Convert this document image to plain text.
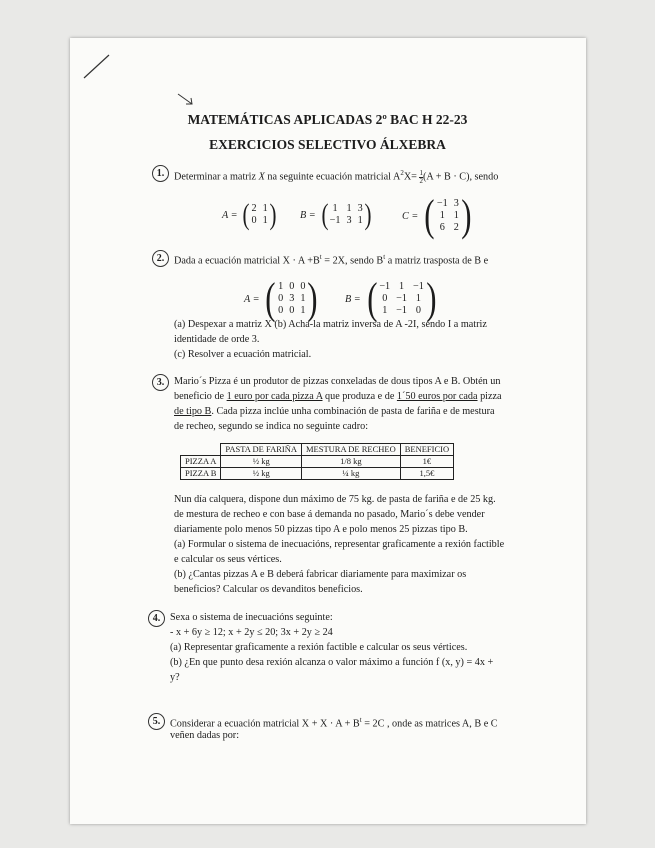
MATEMÁTICAS APLICADAS 2º BAC H 22-23
EXERCICIOS SELECTIVO ÁLXEBRA
1. Determinar a matriz X na seguinte ecuación matricial $A^2X= \frac{1}{2} (A + B \cdot C)$, sendo
A = ( 2 1
0 1 ) B = ( 1 1 3
−1 3 1 )	C = ( −1 3
1 1
6 2 )
2. Dada a ecuación matricial $X \cdot A +B^t = 2X$, sendo $B^t$ a matriz trasposta de B e
A = ( 1 0 0
0 3 1
0 0 1 )	B = ( −1 1 −1
0 −1 1
1 −1 0 )
(a) Despexar a matriz X (b) Acha-la matriz inversa de A -2I, sendo I a matriz
identidade de orde 3.
(c) Resolver a ecuación matricial.
3. Mario´s Pizza é un produtor de pizzas conxeladas de dous tipos A e B. Obtén un
beneficio de 1 euro por cada pizza A que produza e de 1´50 euros por cada pizza
de tipo B. Cada pizza inclúe unha combinación de pasta de fariña e de mestura
de recheo, segundo se indica no seguinte cadro:
	PASTA DE FARIÑA	MESTURA DE RECHEO	BENEFICIO
PIZZA A	½ kg	1/8 kg	1€
PIZZA B	½ kg	¼ kg	1,5€
Nun día calquera, dispone dun máximo de 75 kg. de pasta de fariña e de 25 kg.
de mestura de recheo e con base á demanda no pasado, Mario´s debe vender
diariamente polo menos 50 pizzas tipo A e polo menos 25 pizzas tipo B.
(a) Formular o sistema de inecuacións, representar graficamente a rexión factible
e calcular os seus vértices.
(b) ¿Cantas pizzas A e B deberá fabricar diariamente para maximizar os
beneficios? Calcular os devanditos beneficios.
4. Sexa o sistema de inecuacións seguinte:
- x + 6y ≥ 12; x + 2y ≤ 20; 3x + 2y ≥ 24
(a) Representar graficamente a rexión factible e calcular os seus vértices.
(b) ¿En que punto desa rexión alcanza o valor máximo a función f (x, y) = 4x +
y?
5. Considerar a ecuación matricial $X + X \cdot A + B^t = 2C$ , onde as matrices A, B e C
veñen dadas por:
